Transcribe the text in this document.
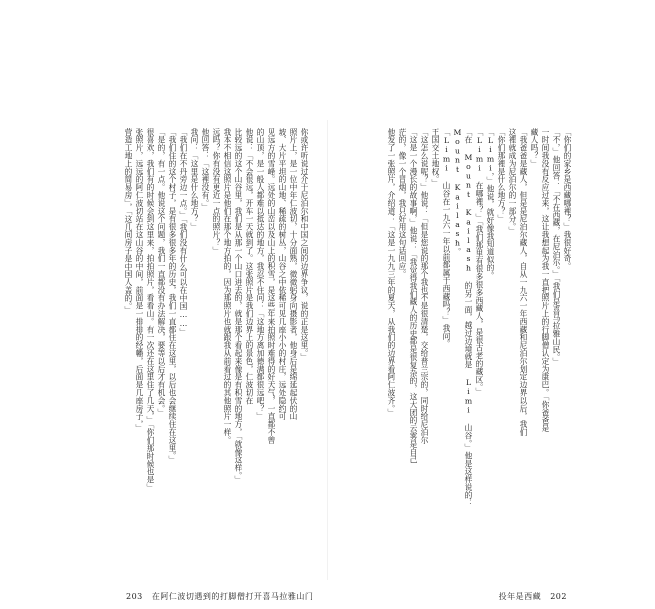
「你们的家乡是西藏哪裡？」我很好奇。

「不，」他回答：「不在西藏，在尼泊尔。」「我们是喜马拉雅山民。」

一时间我没有反应过来，这让我想起为我一直把照片上的行脚僧认定为康巴。「你爸爸是

藏人吗？」

「我爸爸是藏人，但是是尼泊尔藏人，自从一九六一年西藏和尼泊尔划定边界以后，我们

这裡就成为尼泊尔的一部分。」

「你们那裡是什么地方？」

「Limi，」他说，就好像我知道似的。

「Limi 在哪裡？」「我们那里有很多很多西藏人，是很古老的藏区。」

「在 Mount Kailash 的另一面，越过边境就是 Limi 山谷。」他是这样说的：

Mount Kailash。

「Limi 山谷在一九六一年以前都属于西藏吗？」我问。

王国交土地权。」

「这怎么说呢？」他说：「但是您说的那个我也不是很清楚，交给普兰宗的，同时给尼泊尔

「这是一个漫长的故事啊，」他说：「我觉得我们藏人的历史都是很复杂的，这大团的云雾是自己

茫的，像一个冒烟，我只好用这句话回应。

他发了一张照片，介绍道：「这是一九九三年的夏天，从我们的边界看阿仁波齐。」

投年是西藏 202

你或许听说过介于尼泊尔和中国之间的边界争议，说的正是这里。」

照片上，是一位中年仁波切，十分面熟，微微躬身向摄影者，他身后是绵延起伏的山

坡、大片平坦的山地、稀疏的树丛，山谷之中依稀可见几座小小的村庄，远处隐约可

见远方的雪峰。远处的山峦以及山上的积雪，是这些年来拍照时难得的好天气，一直都不曾

的山顶，是一般人都难以抵达的地方，我忍不住问：「这地方离加德满都很远吧？」

他说：「不会很远，开车一天就到了。这张照片是我们边界上的景色，仁波切在

比较远的这个山谷里，我们是从那一个山口进去的，就是那个看起来像是有积雪的地方，「就像这样。」

我本不相信这照片是他们在那个地方拍的，因为那照片也就跟我从前看过的其他照片一样。

远吗？你有没有更近一点的照片？」

他回答：「这裡没有。」

我问：「这里是什么地方？」

「我们在不丹旁边一点。」「我们没有什么可以在中国……」

「我们住的这个村子，是有很多很多年的历史，我们一直都住在这里，以后也会继续住在这里。」

「是的，有一点。他说这个问题，我们一直都没有办法解决，要等以后才有机会。」

很喜欢，我们有的时候会到这里来，拍拍照片，看看山。有一次还在这里住了几天，」「你们那时候也是」

张照片，远远的阿仁波切站在这山谷的中间，前面是一排排的经幡，后面是几座房子，」

营造工地上的简易房」，「这几间房子是中国人盖的。」

203 在阿仁波切遇到的打脚僧打开喜马拉雅山门
